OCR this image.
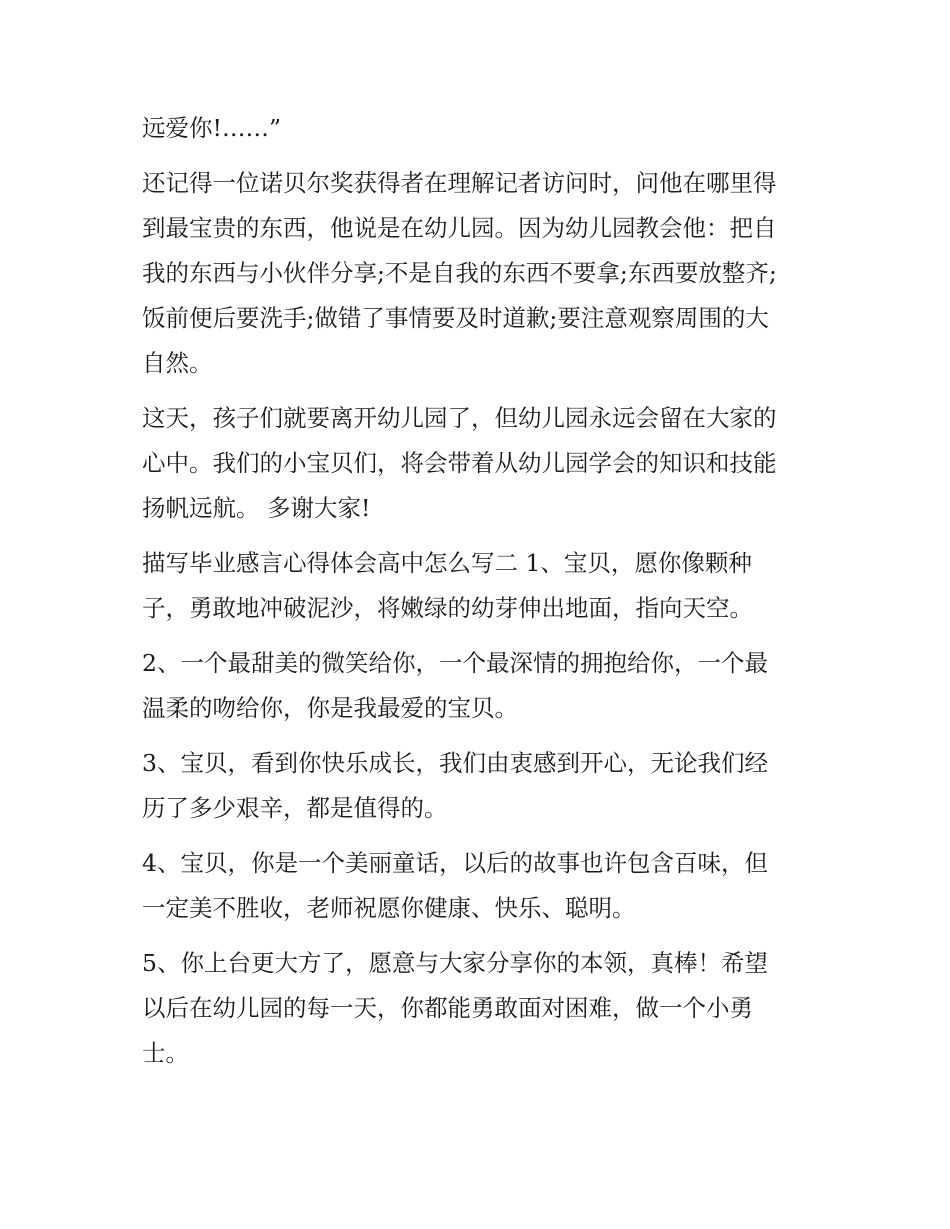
远爱你!……”

还记得一位诺贝尔奖获得者在理解记者访问时，问他在哪里得
到最宝贵的东西，他说是在幼儿园。因为幼儿园教会他：把自
我的东西与小伙伴分享;不是自我的东西不要拿;东西要放整齐;
饭前便后要洗手;做错了事情要及时道歉;要注意观察周围的大
自然。

这天，孩子们就要离开幼儿园了，但幼儿园永远会留在大家的
心中。我们的小宝贝们，将会带着从幼儿园学会的知识和技能
扬帆远航。 多谢大家!

描写毕业感言心得体会高中怎么写二 1、宝贝，愿你像颗种
子，勇敢地冲破泥沙，将嫩绿的幼芽伸出地面，指向天空。

2、一个最甜美的微笑给你，一个最深情的拥抱给你，一个最
温柔的吻给你，你是我最爱的宝贝。

3、宝贝，看到你快乐成长，我们由衷感到开心，无论我们经
历了多少艰辛，都是值得的。

4、宝贝，你是一个美丽童话，以后的故事也许包含百味，但
一定美不胜收，老师祝愿你健康、快乐、聪明。

5、你上台更大方了，愿意与大家分享你的本领，真棒！希望
以后在幼儿园的每一天，你都能勇敢面对困难，做一个小勇
士。
